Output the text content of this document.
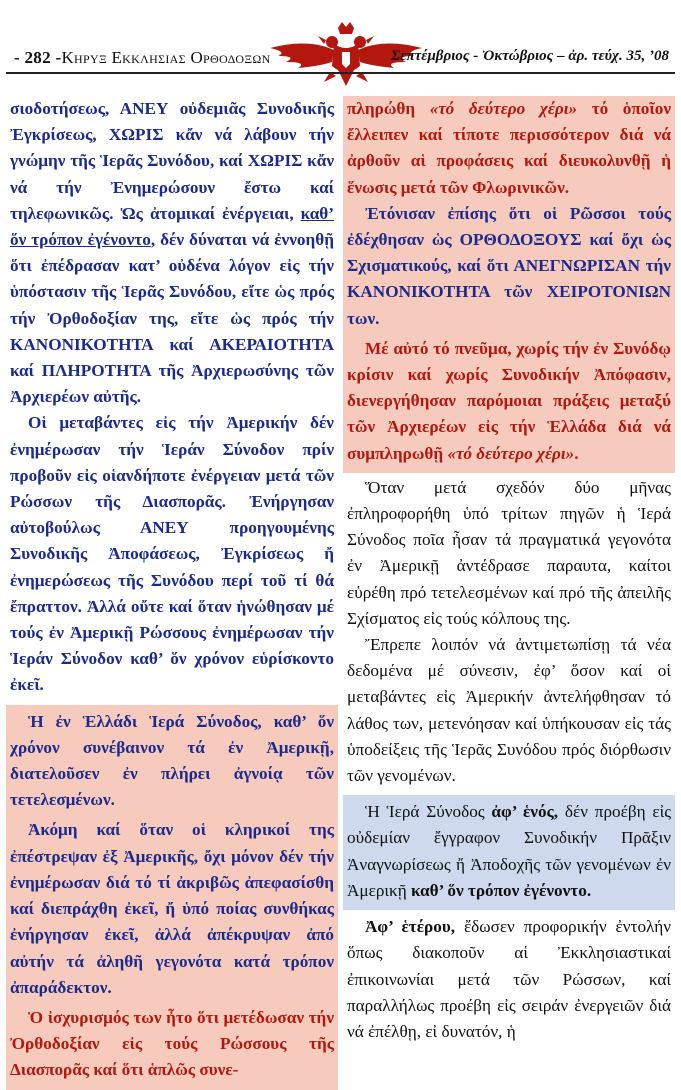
- 282 -Κηρυξ Εκκλησιας Ορθοδοξων	Σεπτέμβριος - Ὀκτώβριος – ἀρ. τεύχ. 35, ’08

σιοδοτήσεως, ΑΝΕΥ οὐδεμιᾶς Συνοδικῆς Ἐγκρίσεως, ΧΩΡΙΣ κἄν νά λάβουν τήν γνώμην τῆς Ἱερᾶς Συνόδου, καί ΧΩΡΙΣ κἄν νά τήν Ἐνημερώσουν ἔστω καί τηλεφωνικῶς. Ὡς ἀτομικαί ἐνέργειαι, καθ’ ὅν τρόπον ἐγένοντο, δέν δύναται νά ἐννοηθῇ ὅτι ἐπέδρασαν κατ’ οὐδένα λόγον εἰς τήν ὑπόστασιν τῆς Ἱερᾶς Συνόδου, εἴτε ὡς πρός τήν Ὀρθοδοξίαν της, εἴτε ὡς πρός τήν ΚΑΝΟΝΙΚΟΤΗΤΑ καί ΑΚΕΡΑΙΟΤΗΤΑ καί ΠΛΗΡΟΤΗΤΑ τῆς Ἀρχιερωσύνης τῶν Ἀρχιερέων αὐτῆς.

Οἱ μεταβάντες εἰς τήν Ἀμερικήν δέν ἐνημέρωσαν τήν Ἱεράν Σύνοδον πρίν προβοῦν εἰς οἱανδήποτε ἐνέργειαν μετά τῶν Ρώσσων τῆς Διασπορᾶς. Ἐνήργησαν αὐτοβούλως ΑΝΕΥ προηγουμένης Συνοδικῆς Ἀποφάσεως, Ἐγκρίσεως ἤ ἐνημερώσεως τῆς Συνόδου περί τοῦ τί θά ἔπραττον. Ἀλλά οὔτε καί ὅταν ἡνώθησαν μέ τούς ἐν Ἀμερικῇ Ρώσσους ἐνημέρωσαν τήν Ἱεράν Σύνοδον καθ’ ὅν χρόνον εὑρίσκοντο ἐκεῖ.

Ἡ ἐν Ἑλλάδι Ἱερά Σύνοδος, καθ’ ὅν χρόνον συνέβαινον τά ἐν Ἀμερικῇ, διατελοῦσεν ἐν πλήρει ἀγνοίᾳ τῶν τετελεσμένων.

Ἀκόμη καί ὅταν οἱ κληρικοί της ἐπέστρεψαν ἐξ Ἀμερικῆς, ὄχι μόνον δέν τήν ἐνημέρωσαν διά τό τί ἀκριβῶς ἀπεφασίσθη καί διεπράχθη ἐκεῖ, ἤ ὑπό ποίας συνθήκας ἐνήργησαν ἐκεῖ, ἀλλά ἀπέκρυψαν ἀπό αὐτήν τά ἀληθῆ γεγονότα κατά τρόπον ἀπαράδεκτον.

Ὁ ἰσχυρισμός των ἦτο ὅτι μετέδωσαν τήν Ὀρθοδοξίαν εἰς τούς Ρώσσους τῆς Διασπορᾶς καί ὅτι ἁπλῶς συνε-

πληρώθη «τό δεύτερο χέρι» τό ὁποῖον ἔλλειπεν καί τίποτε περισσότερον διά νά ἀρθοῦν αἱ προφάσεις καί διευκολυνθῇ ἡ ἕνωσις μετά τῶν Φλωρινικῶν.

Ἐτόνισαν ἐπίσης ὅτι οἱ Ρῶσσοι τούς ἐδέχθησαν ὡς ΟΡΘΟΔΟΞΟΥΣ καί ὄχι ὡς Σχισματικούς, καί ὅτι ΑΝΕΓΝΩΡΙΣΑΝ τήν ΚΑΝΟΝΙΚΟΤΗΤΑ τῶν ΧΕΙΡΟΤΟΝΙΩΝ των.

Μέ αὐτό τό πνεῦμα, χωρίς τήν ἐν Συνόδῳ κρίσιν καί χωρίς Συνοδικήν Ἀπόφασιν, διενεργήθησαν παρόμοιαι πράξεις μεταξύ τῶν Ἀρχιερέων εἰς τήν Ἑλλάδα διά νά συμπληρωθῇ «τό δεύτερο χέρι».

Ὅταν μετά σχεδόν δύο μῆνας ἐπληροφορήθη ὑπό τρίτων πηγῶν ἡ Ἱερά Σύνοδος ποῖα ἦσαν τά πραγματικά γεγονότα ἐν Ἀμερικῇ ἀντέδρασε παραυτα, καίτοι εὑρέθη πρό τετελεσμένων καί πρό τῆς ἀπειλῆς Σχίσματος εἰς τούς κόλπους της.

Ἔπρεπε λοιπόν νά ἀντιμετωπίσῃ τά νέα δεδομένα μέ σύνεσιν, ἐφ’ ὅσον καί οἱ μεταβάντες εἰς Ἀμερικήν ἀντελήφθησαν τό λάθος των, μετενόησαν καί ὑπήκουσαν εἰς τάς ὑποδείξεις τῆς Ἱερᾶς Συνόδου πρός διόρθωσιν τῶν γενομένων.

Ἡ Ἱερά Σύνοδος ἀφ’ ἑνός, δέν προέβη εἰς οὐδεμίαν ἔγγραφον Συνοδικήν Πρᾶξιν Ἀναγνωρίσεως ἤ Ἀποδοχῆς τῶν γενομένων ἐν Ἀμερικῇ καθ’ ὅν τρόπον ἐγένοντο.

Ἀφ’ ἑτέρου, ἔδωσεν προφορικήν ἐντολήν ὅπως διακοποῦν αἱ Ἐκκλησιαστικαί ἐπικοινωνίαι μετά τῶν Ρώσσων, καί παραλλήλως προέβη εἰς σειράν ἐνεργειῶν διά νά ἐπέλθῃ, εἰ δυνατόν, ἡ
